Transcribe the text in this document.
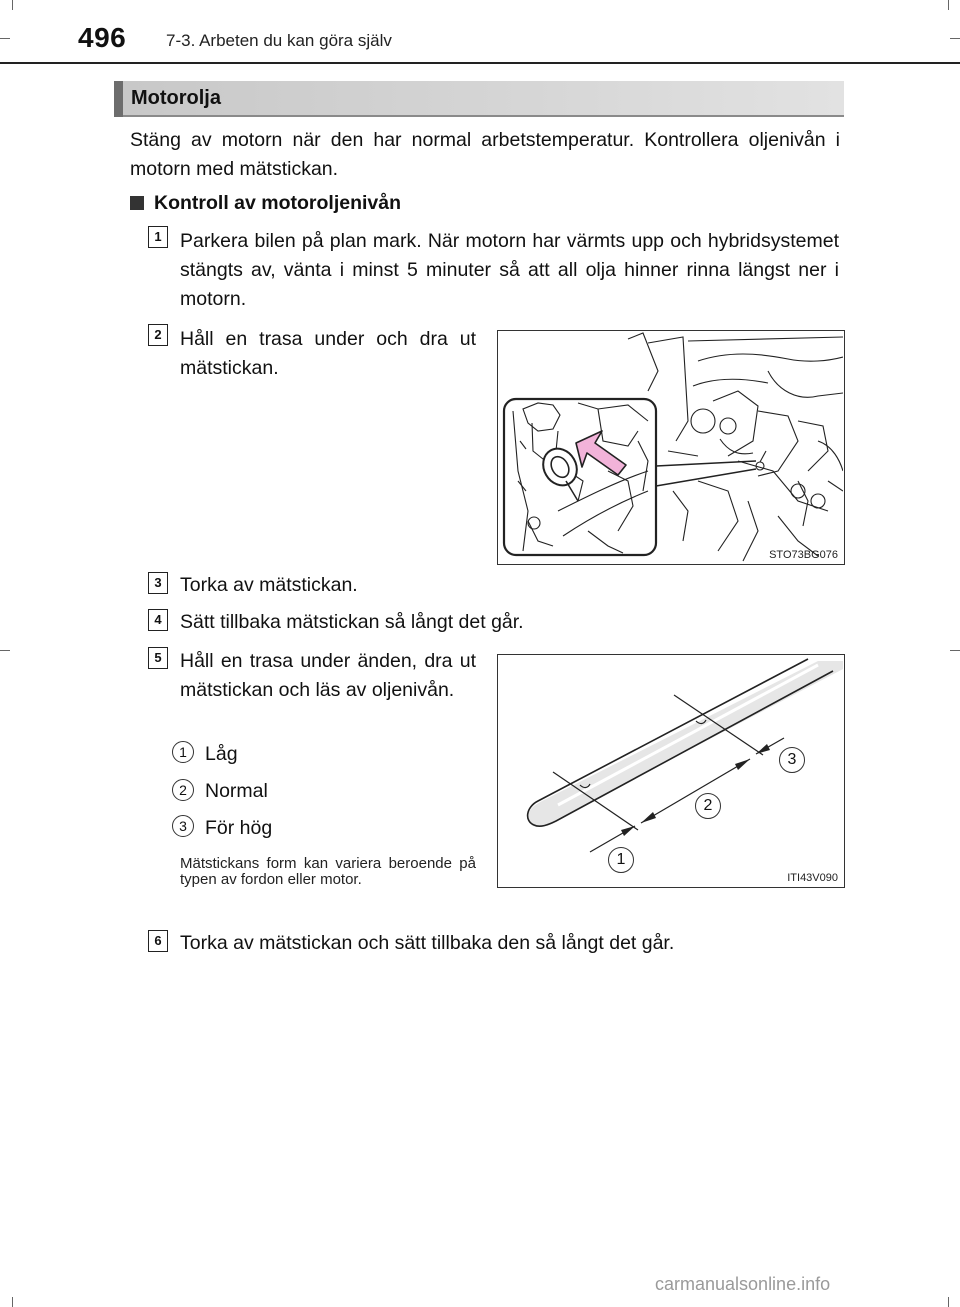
496 7-3. Arbeten du kan göra själv
Motorolja
Stäng av motorn när den har normal arbetstemperatur. Kontrollera oljenivån i motorn med mätstickan.
Kontroll av motoroljenivån
1 Parkera bilen på plan mark. När motorn har värmts upp och hybridsystemet stängts av, vänta i minst 5 minuter så att all olja hinner rinna längst ner i motorn.
2 Håll en trasa under och dra ut mätstickan.
STO73BG076
3 Torka av mätstickan.
4 Sätt tillbaka mätstickan så långt det går.
5 Håll en trasa under änden, dra ut mätstickan och läs av oljenivån.
1 Låg
2 Normal
3 För hög
Mätstickans form kan variera beroende på typen av fordon eller motor.
1
2
3
ITI43V090
6 Torka av mätstickan och sätt tillbaka den så långt det går.
carmanualsonline.info
